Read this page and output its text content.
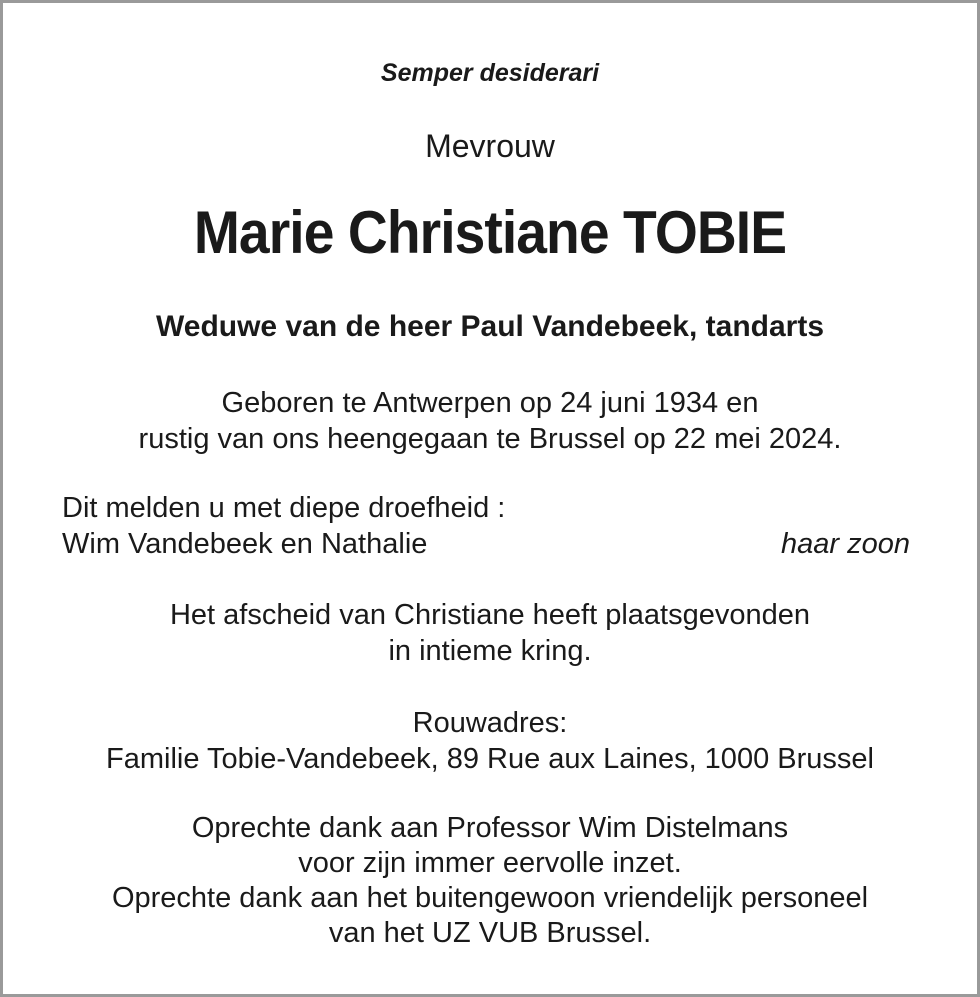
Semper desiderari
Mevrouw
Marie Christiane TOBIE
Weduwe van de heer Paul Vandebeek, tandarts
Geboren te Antwerpen op 24 juni 1934 en
rustig van ons heengegaan te Brussel op 22 mei 2024.
Dit melden u met diepe droefheid :
Wim Vandebeek en Nathalie	haar zoon
Het afscheid van Christiane heeft plaatsgevonden
in intieme kring.
Rouwadres:
Familie Tobie-Vandebeek, 89 Rue aux Laines, 1000 Brussel
Oprechte dank aan Professor Wim Distelmans
voor zijn immer eervolle inzet.
Oprechte dank aan het buitengewoon vriendelijk personeel
van het UZ VUB Brussel.
